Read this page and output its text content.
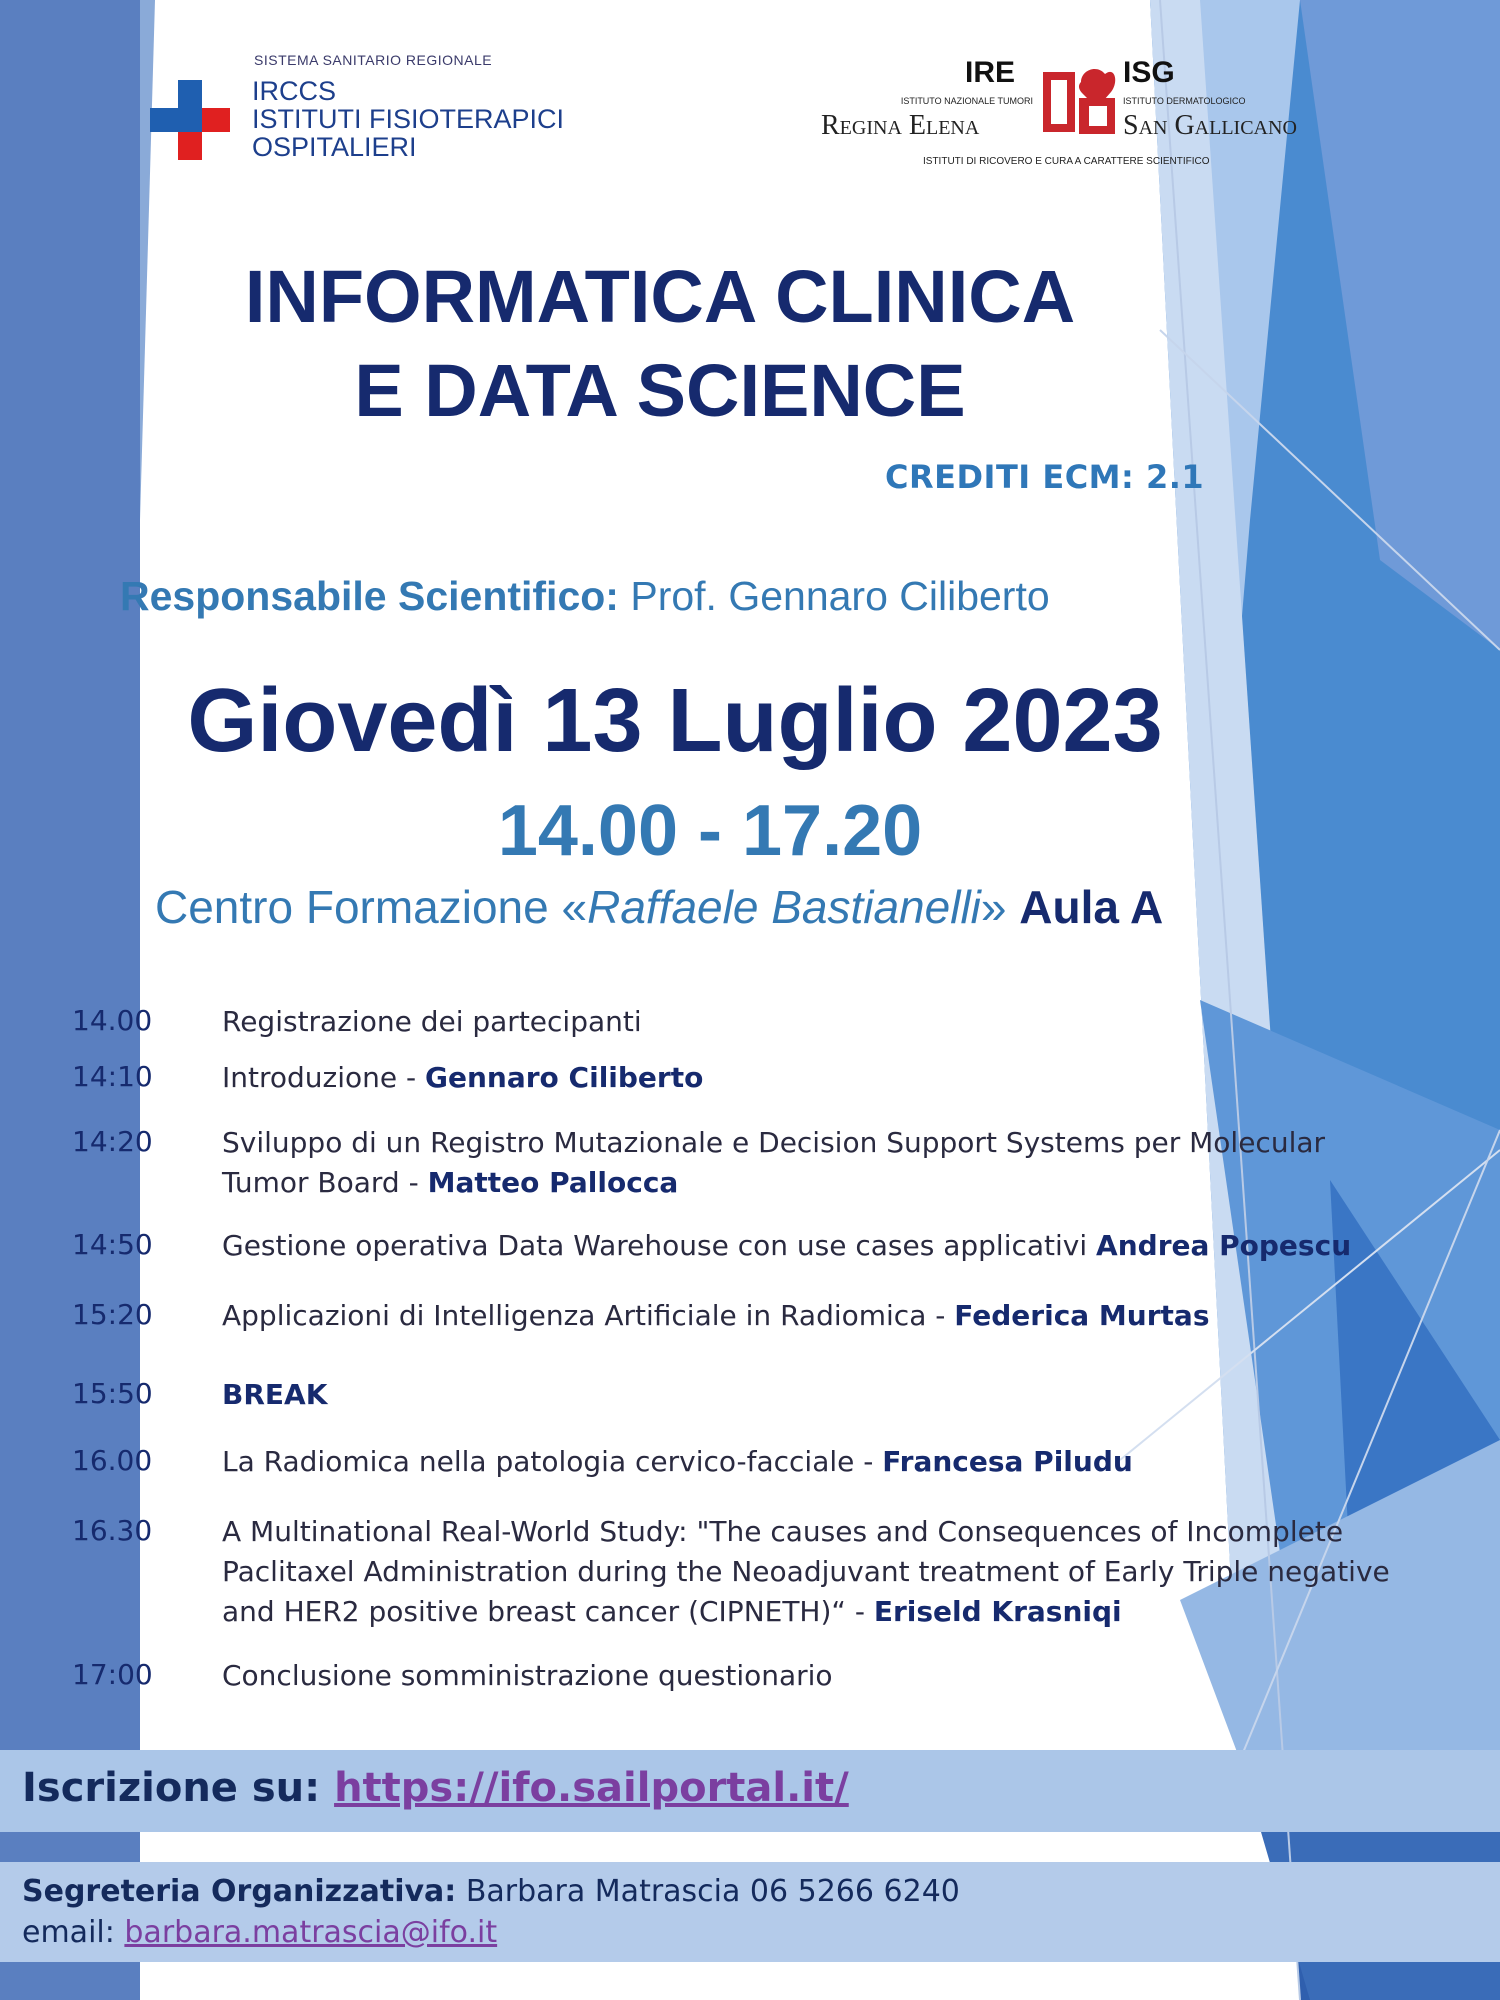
SISTEMA SANITARIO REGIONALE
IRCCS
ISTITUTI FISIOTERAPICI
OSPITALIERI
IRE
ISTITUTO NAZIONALE TUMORI
Regina Elena
ISG
ISTITUTO DERMATOLOGICO
San Gallicano
ISTITUTI DI RICOVERO E CURA A CARATTERE SCIENTIFICO
INFORMATICA CLINICA
E DATA SCIENCE
CREDITI ECM: 2.1
Responsabile Scientifico: Prof. Gennaro Ciliberto
Giovedì 13 Luglio 2023
14.00 - 17.20
Centro Formazione «Raffaele Bastianelli» Aula A
14.00 Registrazione dei partecipanti
14:10 Introduzione - Gennaro Ciliberto
14:20 Sviluppo di un Registro Mutazionale e Decision Support Systems per Molecular Tumor Board - Matteo Pallocca
14:50 Gestione operativa Data Warehouse con use cases applicativi Andrea Popescu
15:20 Applicazioni di Intelligenza Artificiale in Radiomica - Federica Murtas
15:50 BREAK
16.00 La Radiomica nella patologia cervico-facciale - Francesa Piludu
16.30 A Multinational Real-World Study: "The causes and Consequences of Incomplete Paclitaxel Administration during the Neoadjuvant treatment of Early Triple negative and HER2 positive breast cancer (CIPNETH)“ - Eriseld Krasniqi
17:00 Conclusione somministrazione questionario
Iscrizione su: https://ifo.sailportal.it/
Segreteria Organizzativa: Barbara Matrascia 06 5266 6240
email: barbara.matrascia@ifo.it
